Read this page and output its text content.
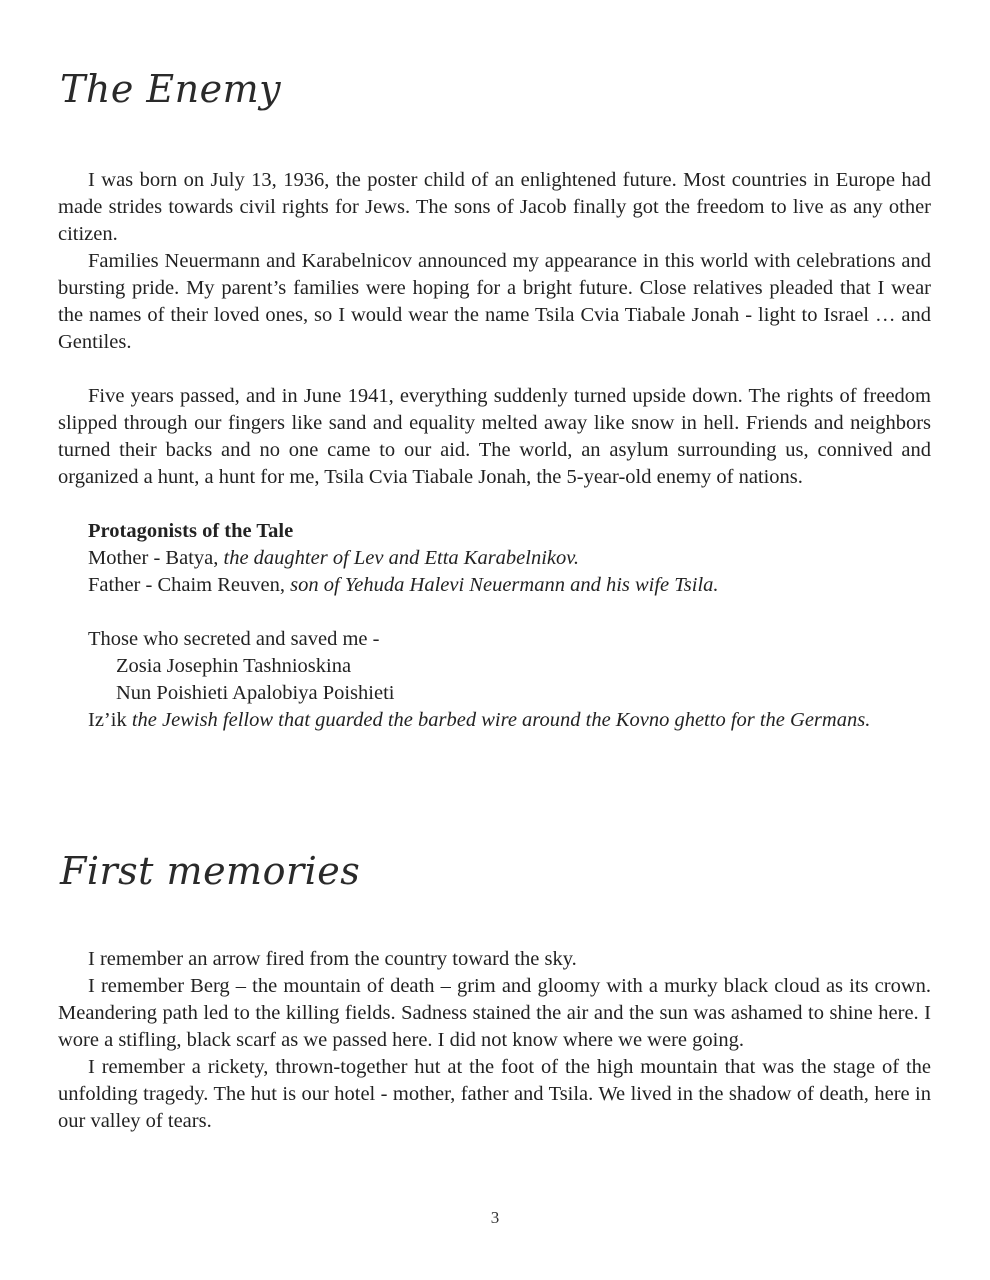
The Enemy

I was born on July 13, 1936, the poster child of an enlightened future. Most countries in Europe had made strides towards civil rights for Jews. The sons of Jacob finally got the freedom to live as any other citizen.

Families Neuermann and Karabelnicov announced my appearance in this world with celebrations and bursting pride. My parent’s families were hoping for a bright future. Close relatives pleaded that I wear the names of their loved ones, so I would wear the name Tsila Cvia Tiabale Jonah - light to Israel … and Gentiles.

Five years passed, and in June 1941, everything suddenly turned upside down. The rights of freedom slipped through our fingers like sand and equality melted away like snow in hell. Friends and neighbors turned their backs and no one came to our aid. The world, an asylum surrounding us, connived and organized a hunt, a hunt for me, Tsila Cvia Tiabale Jonah, the 5-year-old enemy of nations.

Protagonists of the Tale
Mother - Batya, the daughter of Lev and Etta Karabelnikov.
Father - Chaim Reuven, son of Yehuda Halevi Neuermann and his wife Tsila.
Those who secreted and saved me -
Zosia Josephin Tashnioskina
Nun Poishieti Apalobiya Poishieti

Iz’ik the Jewish fellow that guarded the barbed wire around the Kovno ghetto for the Germans.

First memories

I remember an arrow fired from the country toward the sky.

I remember Berg – the mountain of death – grim and gloomy with a murky black cloud as its crown. Meandering path led to the killing fields. Sadness stained the air and the sun was ashamed to shine here. I wore a stifling, black scarf as we passed here. I did not know where we were going.

I remember a rickety, thrown-together hut at the foot of the high mountain that was the stage of the unfolding tragedy. The hut is our hotel - mother, father and Tsila. We lived in the shadow of death, here in our valley of tears.

3
